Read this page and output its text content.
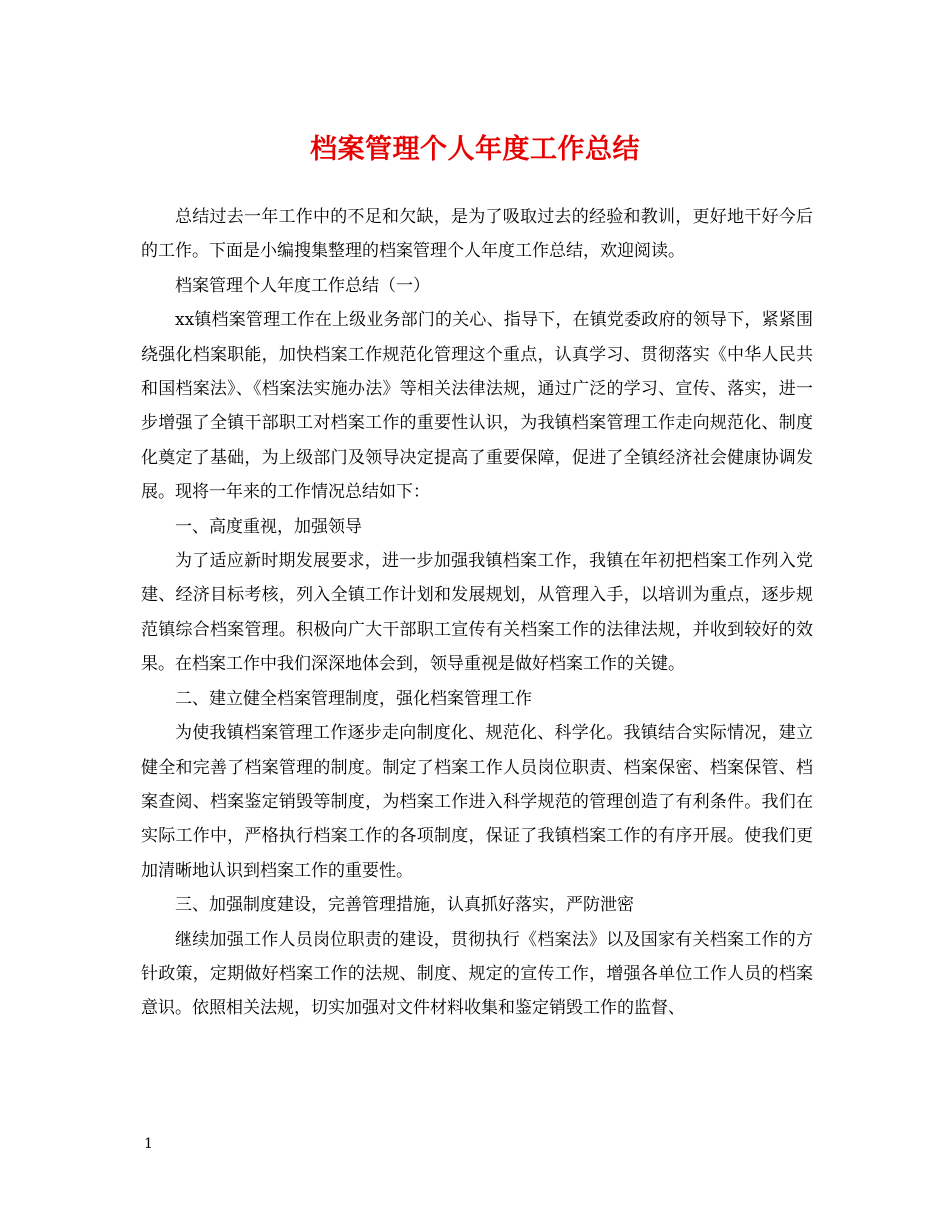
档案管理个人年度工作总结

总结过去一年工作中的不足和欠缺，是为了吸取过去的经验和教训，更好地干好今后的工作。下面是小编搜集整理的档案管理个人年度工作总结，欢迎阅读。

档案管理个人年度工作总结（一）

xx镇档案管理工作在上级业务部门的关心、指导下，在镇党委政府的领导下，紧紧围绕强化档案职能，加快档案工作规范化管理这个重点，认真学习、贯彻落实《中华人民共和国档案法》、《档案法实施办法》等相关法律法规，通过广泛的学习、宣传、落实，进一步增强了全镇干部职工对档案工作的重要性认识，为我镇档案管理工作走向规范化、制度化奠定了基础，为上级部门及领导决定提高了重要保障，促进了全镇经济社会健康协调发展。现将一年来的工作情况总结如下：

一、高度重视，加强领导

为了适应新时期发展要求，进一步加强我镇档案工作，我镇在年初把档案工作列入党建、经济目标考核，列入全镇工作计划和发展规划，从管理入手，以培训为重点，逐步规范镇综合档案管理。积极向广大干部职工宣传有关档案工作的法律法规，并收到较好的效果。在档案工作中我们深深地体会到，领导重视是做好档案工作的关键。

二、建立健全档案管理制度，强化档案管理工作

为使我镇档案管理工作逐步走向制度化、规范化、科学化。我镇结合实际情况，建立健全和完善了档案管理的制度。制定了档案工作人员岗位职责、档案保密、档案保管、档案查阅、档案鉴定销毁等制度，为档案工作进入科学规范的管理创造了有利条件。我们在实际工作中，严格执行档案工作的各项制度，保证了我镇档案工作的有序开展。使我们更加清晰地认识到档案工作的重要性。

三、加强制度建设，完善管理措施，认真抓好落实，严防泄密

继续加强工作人员岗位职责的建设，贯彻执行《档案法》以及国家有关档案工作的方针政策，定期做好档案工作的法规、制度、规定的宣传工作，增强各单位工作人员的档案意识。依照相关法规，切实加强对文件材料收集和鉴定销毁工作的监督、

1
